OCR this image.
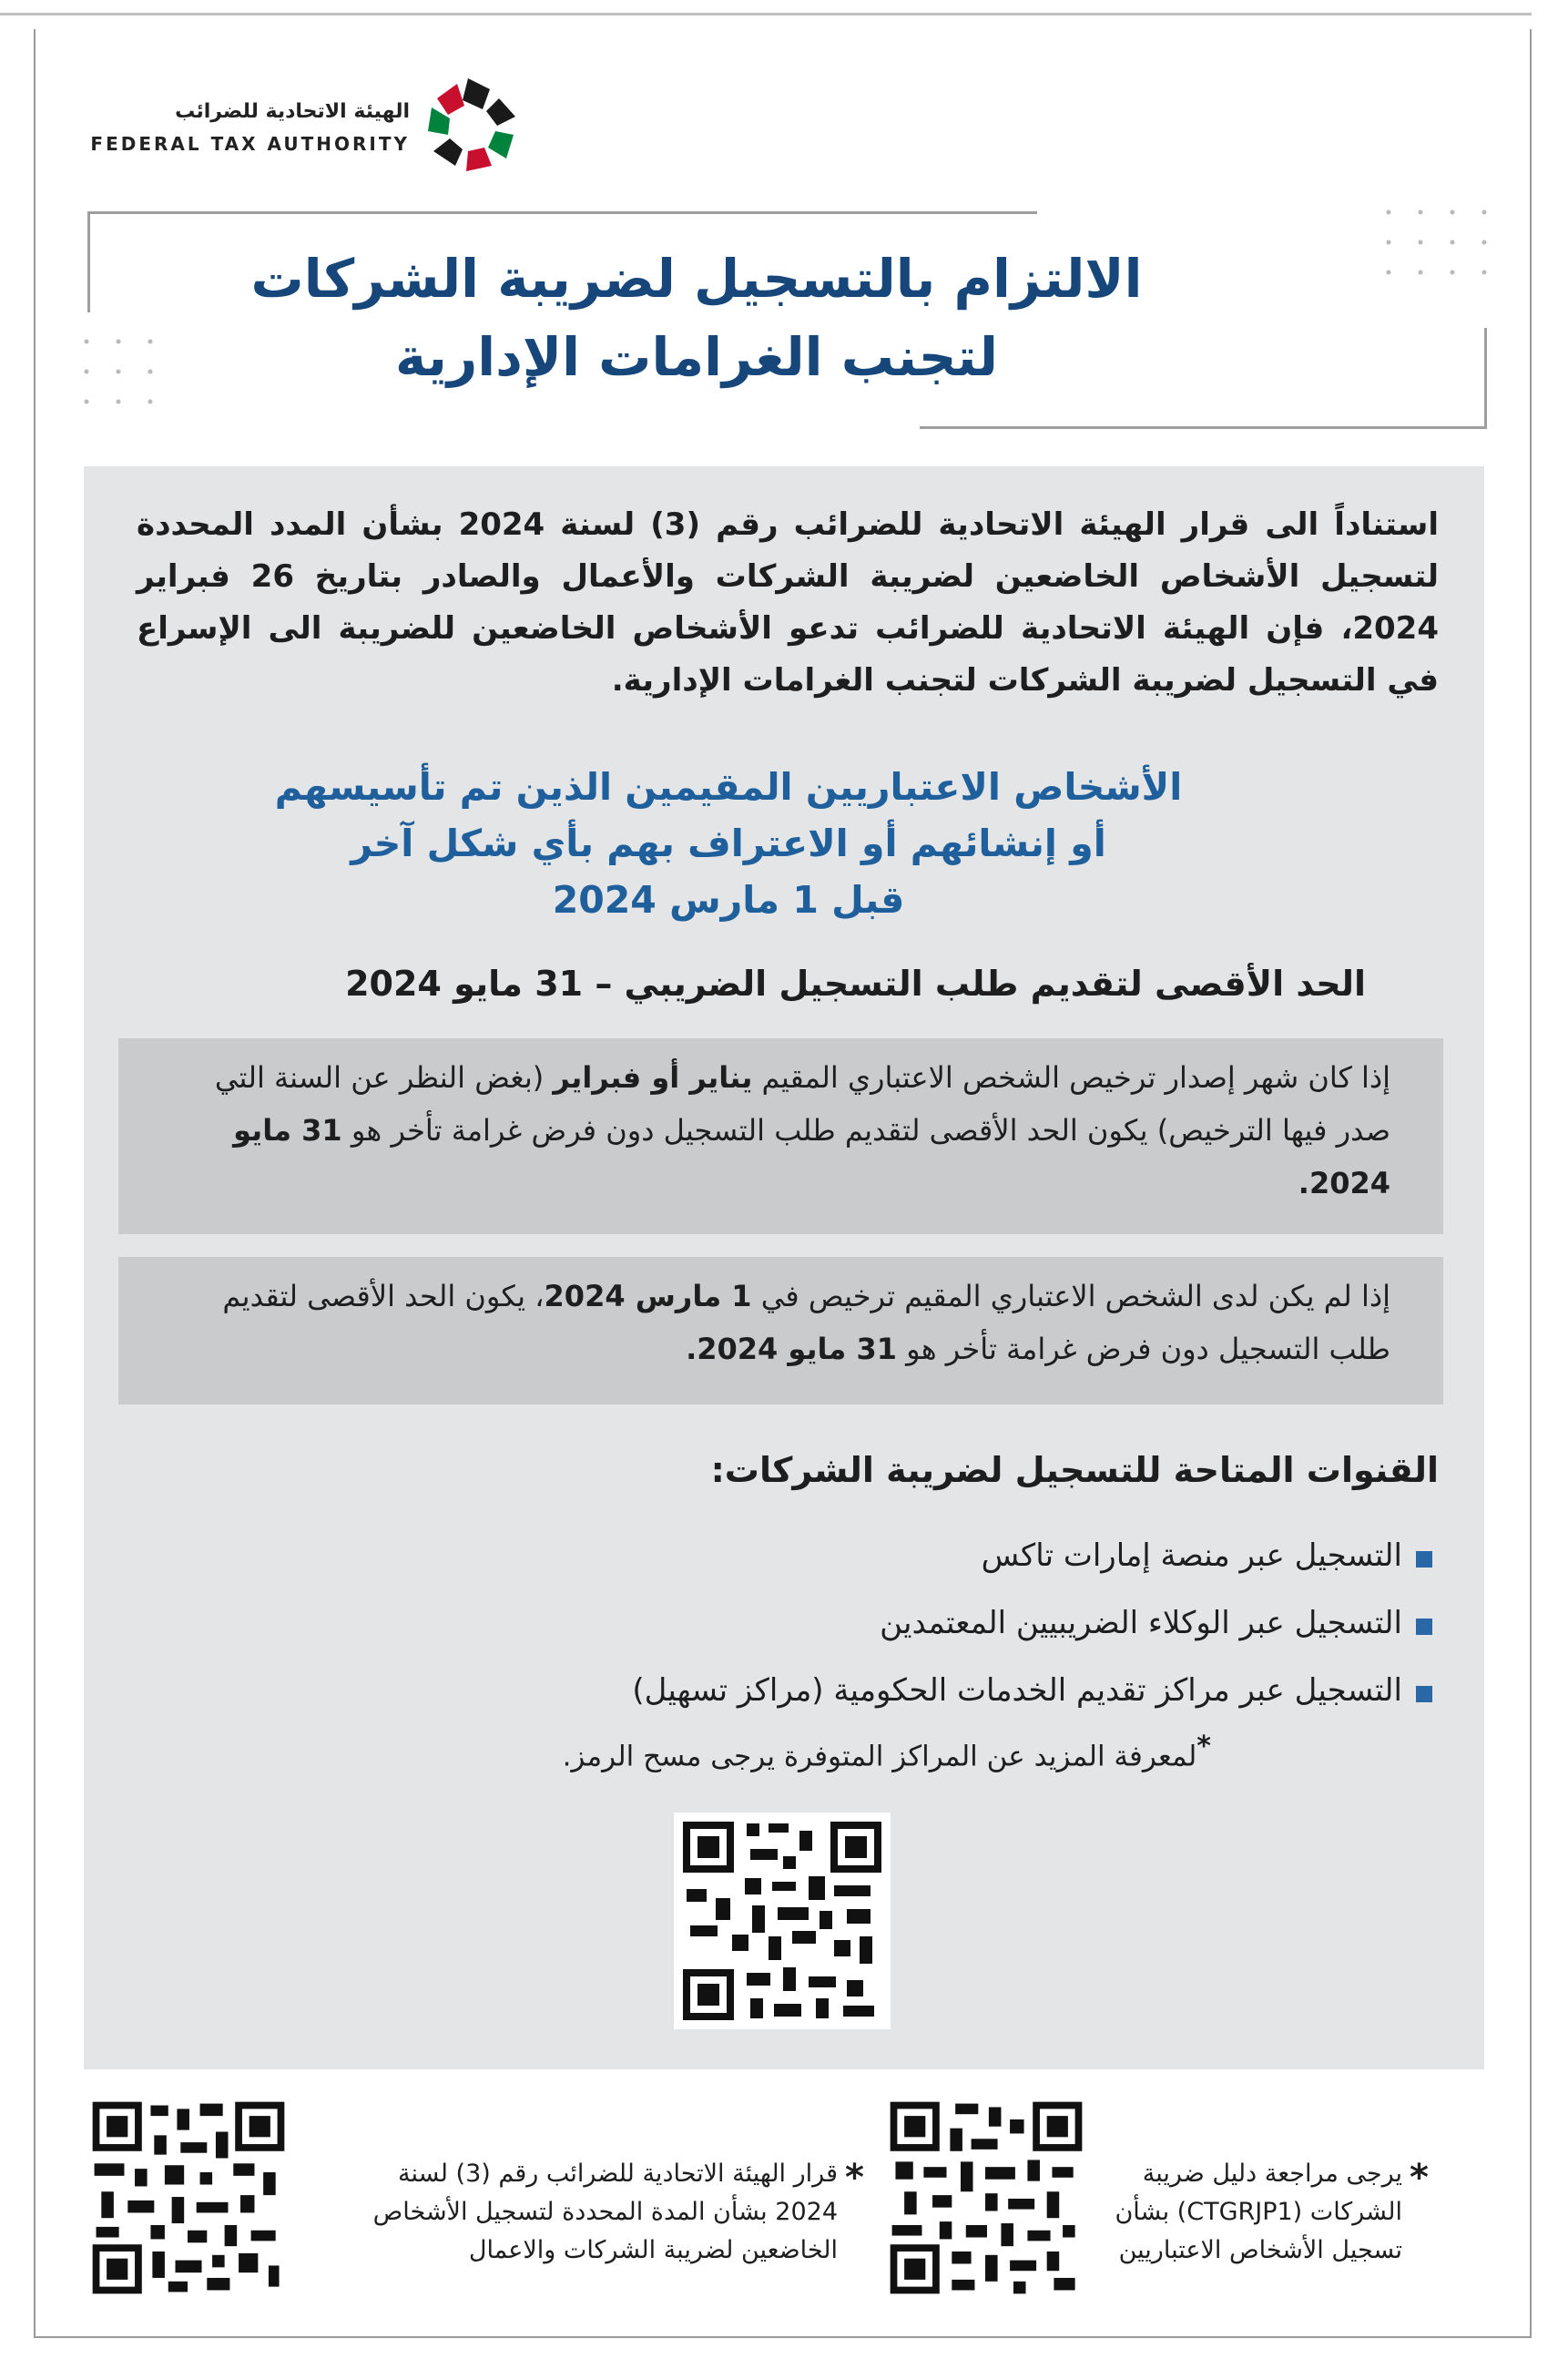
الهيئة الاتحادية للضرائب
FEDERAL TAX AUTHORITY
الالتزام بالتسجيل لضريبة الشركات
لتجنب الغرامات الإدارية
استناداً الى قرار الهيئة الاتحادية للضرائب رقم (3) لسنة 2024 بشأن المدد المحددة لتسجيل الأشخاص الخاضعين لضريبة الشركات والأعمال والصادر بتاريخ 26 فبراير 2024، فإن الهيئة الاتحادية للضرائب تدعو الأشخاص الخاضعين للضريبة الى الإسراع في التسجيل لضريبة الشركات لتجنب الغرامات الإدارية.
الأشخاص الاعتباريين المقيمين الذين تم تأسيسهم
أو إنشائهم أو الاعتراف بهم بأي شكل آخر
قبل 1 مارس 2024
الحد الأقصى لتقديم طلب التسجيل الضريبي – 31 مايو 2024
إذا كان شهر إصدار ترخيص الشخص الاعتباري المقيم يناير أو فبراير (بغض النظر عن السنة التي صدر فيها الترخيص) يكون الحد الأقصى لتقديم طلب التسجيل دون فرض غرامة تأخر هو 31 مايو 2024.
إذا لم يكن لدى الشخص الاعتباري المقيم ترخيص في 1 مارس 2024، يكون الحد الأقصى لتقديم طلب التسجيل دون فرض غرامة تأخر هو 31 مايو 2024.
القنوات المتاحة للتسجيل لضريبة الشركات:
التسجيل عبر منصة إمارات تاكس
التسجيل عبر الوكلاء الضريبيين المعتمدين
التسجيل عبر مراكز تقديم الخدمات الحكومية (مراكز تسهيل)
*لمعرفة المزيد عن المراكز المتوفرة يرجى مسح الرمز.
*
يرجى مراجعة دليل ضريبة
الشركات (CTGRJP1) بشأن
تسجيل الأشخاص الاعتباريين
*
قرار الهيئة الاتحادية للضرائب رقم (3) لسنة
2024 بشأن المدة المحددة لتسجيل الأشخاص
الخاضعين لضريبة الشركات والاعمال
